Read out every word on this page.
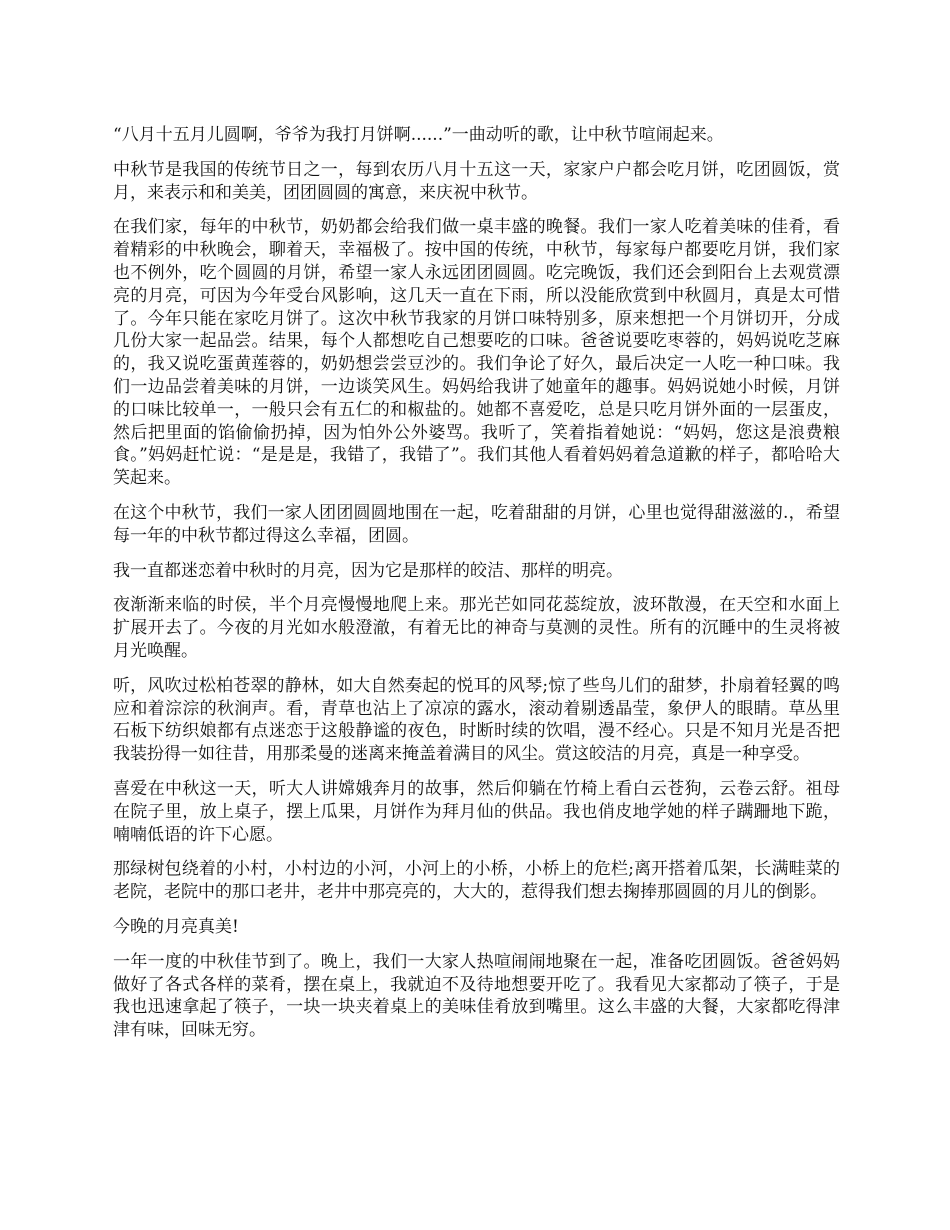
“八月十五月儿圆啊，爷爷为我打月饼啊......”一曲动听的歌，让中秋节喧闹起来。

中秋节是我国的传统节日之一，每到农历八月十五这一天，家家户户都会吃月饼，吃团圆饭，赏月，来表示和和美美，团团圆圆的寓意，来庆祝中秋节。

在我们家，每年的中秋节，奶奶都会给我们做一桌丰盛的晚餐。我们一家人吃着美味的佳肴，看着精彩的中秋晚会，聊着天，幸福极了。按中国的传统，中秋节，每家每户都要吃月饼，我们家也不例外，吃个圆圆的月饼，希望一家人永远团团圆圆。吃完晚饭，我们还会到阳台上去观赏漂亮的月亮，可因为今年受台风影响，这几天一直在下雨，所以没能欣赏到中秋圆月，真是太可惜了。今年只能在家吃月饼了。这次中秋节我家的月饼口味特别多，原来想把一个月饼切开，分成几份大家一起品尝。结果，每个人都想吃自己想要吃的口味。爸爸说要吃枣蓉的，妈妈说吃芝麻的，我又说吃蛋黄莲蓉的，奶奶想尝尝豆沙的。我们争论了好久，最后决定一人吃一种口味。我们一边品尝着美味的月饼，一边谈笑风生。妈妈给我讲了她童年的趣事。妈妈说她小时候，月饼的口味比较单一，一般只会有五仁的和椒盐的。她都不喜爱吃，总是只吃月饼外面的一层蛋皮，然后把里面的馅偷偷扔掉，因为怕外公外婆骂。我听了，笑着指着她说：“妈妈，您这是浪费粮食。”妈妈赶忙说：“是是是，我错了，我错了”。我们其他人看着妈妈着急道歉的样子，都哈哈大笑起来。

在这个中秋节，我们一家人团团圆圆地围在一起，吃着甜甜的月饼，心里也觉得甜滋滋的.，希望每一年的中秋节都过得这么幸福，团圆。

我一直都迷恋着中秋时的月亮，因为它是那样的皎洁、那样的明亮。

夜渐渐来临的时侯，半个月亮慢慢地爬上来。那光芒如同花蕊绽放，波环散漫，在天空和水面上扩展开去了。今夜的月光如水般澄澈，有着无比的神奇与莫测的灵性。所有的沉睡中的生灵将被月光唤醒。

听，风吹过松柏苍翠的静林，如大自然奏起的悦耳的风琴;惊了些鸟儿们的甜梦，扑扇着轻翼的鸣应和着淙淙的秋涧声。看，青草也沾上了凉凉的露水，滚动着剔透晶莹，象伊人的眼睛。草丛里石板下纺织娘都有点迷恋于这般静谧的夜色，时断时续的饮唱，漫不经心。只是不知月光是否把我装扮得一如往昔，用那柔曼的迷离来掩盖着满目的风尘。赏这皎洁的月亮，真是一种享受。

喜爱在中秋这一天，听大人讲嫦娥奔月的故事，然后仰躺在竹椅上看白云苍狗，云卷云舒。祖母在院子里，放上桌子，摆上瓜果，月饼作为拜月仙的供品。我也俏皮地学她的样子蹒跚地下跪，喃喃低语的许下心愿。

那绿树包绕着的小村，小村边的小河，小河上的小桥，小桥上的危栏;离开搭着瓜架，长满畦菜的老院，老院中的那口老井，老井中那亮亮的，大大的，惹得我们想去掬捧那圆圆的月儿的倒影。

今晚的月亮真美!

一年一度的中秋佳节到了。晚上，我们一大家人热喧闹闹地聚在一起，准备吃团圆饭。爸爸妈妈做好了各式各样的菜肴，摆在桌上，我就迫不及待地想要开吃了。我看见大家都动了筷子，于是我也迅速拿起了筷子，一块一块夹着桌上的美味佳肴放到嘴里。这么丰盛的大餐，大家都吃得津津有味，回味无穷。
